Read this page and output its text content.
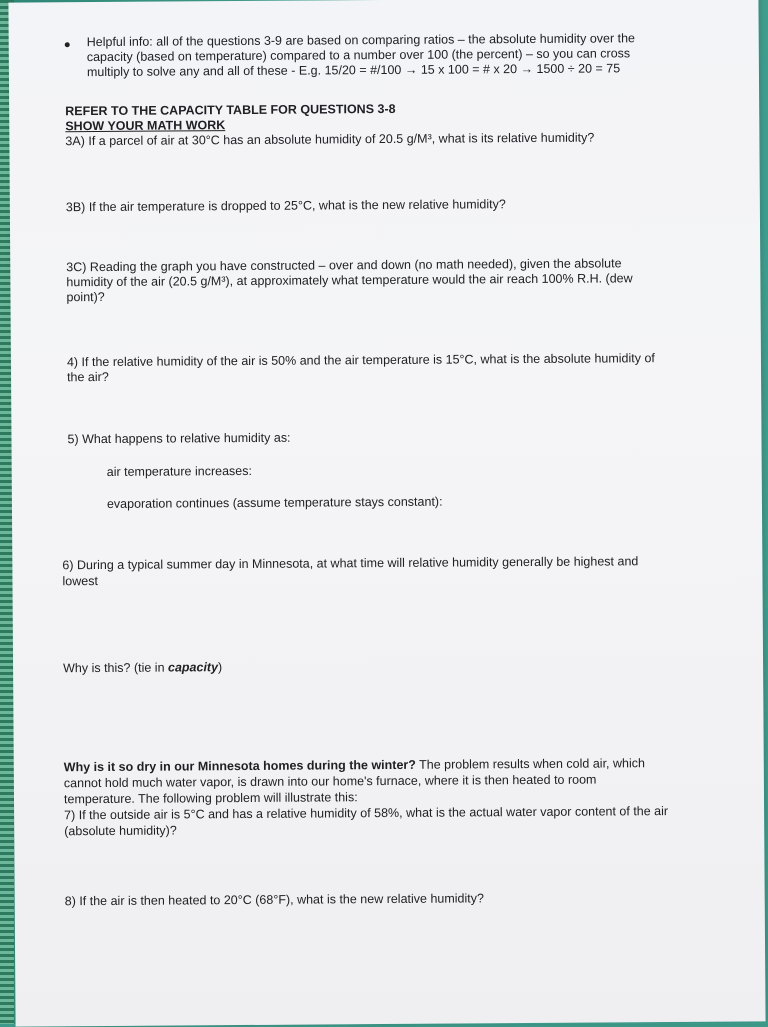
Helpful info: all of the questions 3-9 are based on comparing ratios – the absolute humidity over the
capacity (based on temperature) compared to a number over 100 (the percent) – so you can cross
multiply to solve any and all of these - E.g. 15/20 = #/100 → 15 x 100 = # x 20 → 1500 ÷ 20 = 75
REFER TO THE CAPACITY TABLE FOR QUESTIONS 3-8
SHOW YOUR MATH WORK
3A) If a parcel of air at 30°C has an absolute humidity of 20.5 g/M³, what is its relative humidity?
3B) If the air temperature is dropped to 25°C, what is the new relative humidity?
3C) Reading the graph you have constructed – over and down (no math needed), given the absolute
humidity of the air (20.5 g/M³), at approximately what temperature would the air reach 100% R.H. (dew
point)?
4) If the relative humidity of the air is 50% and the air temperature is 15°C, what is the absolute humidity of
the air?
5) What happens to relative humidity as:
air temperature increases:
evaporation continues (assume temperature stays constant):
6) During a typical summer day in Minnesota, at what time will relative humidity generally be highest and
lowest
Why is this? (tie in capacity)
Why is it so dry in our Minnesota homes during the winter? The problem results when cold air, which
cannot hold much water vapor, is drawn into our home's furnace, where it is then heated to room
temperature. The following problem will illustrate this:
7) If the outside air is 5°C and has a relative humidity of 58%, what is the actual water vapor content of the air
(absolute humidity)?
8) If the air is then heated to 20°C (68°F), what is the new relative humidity?
